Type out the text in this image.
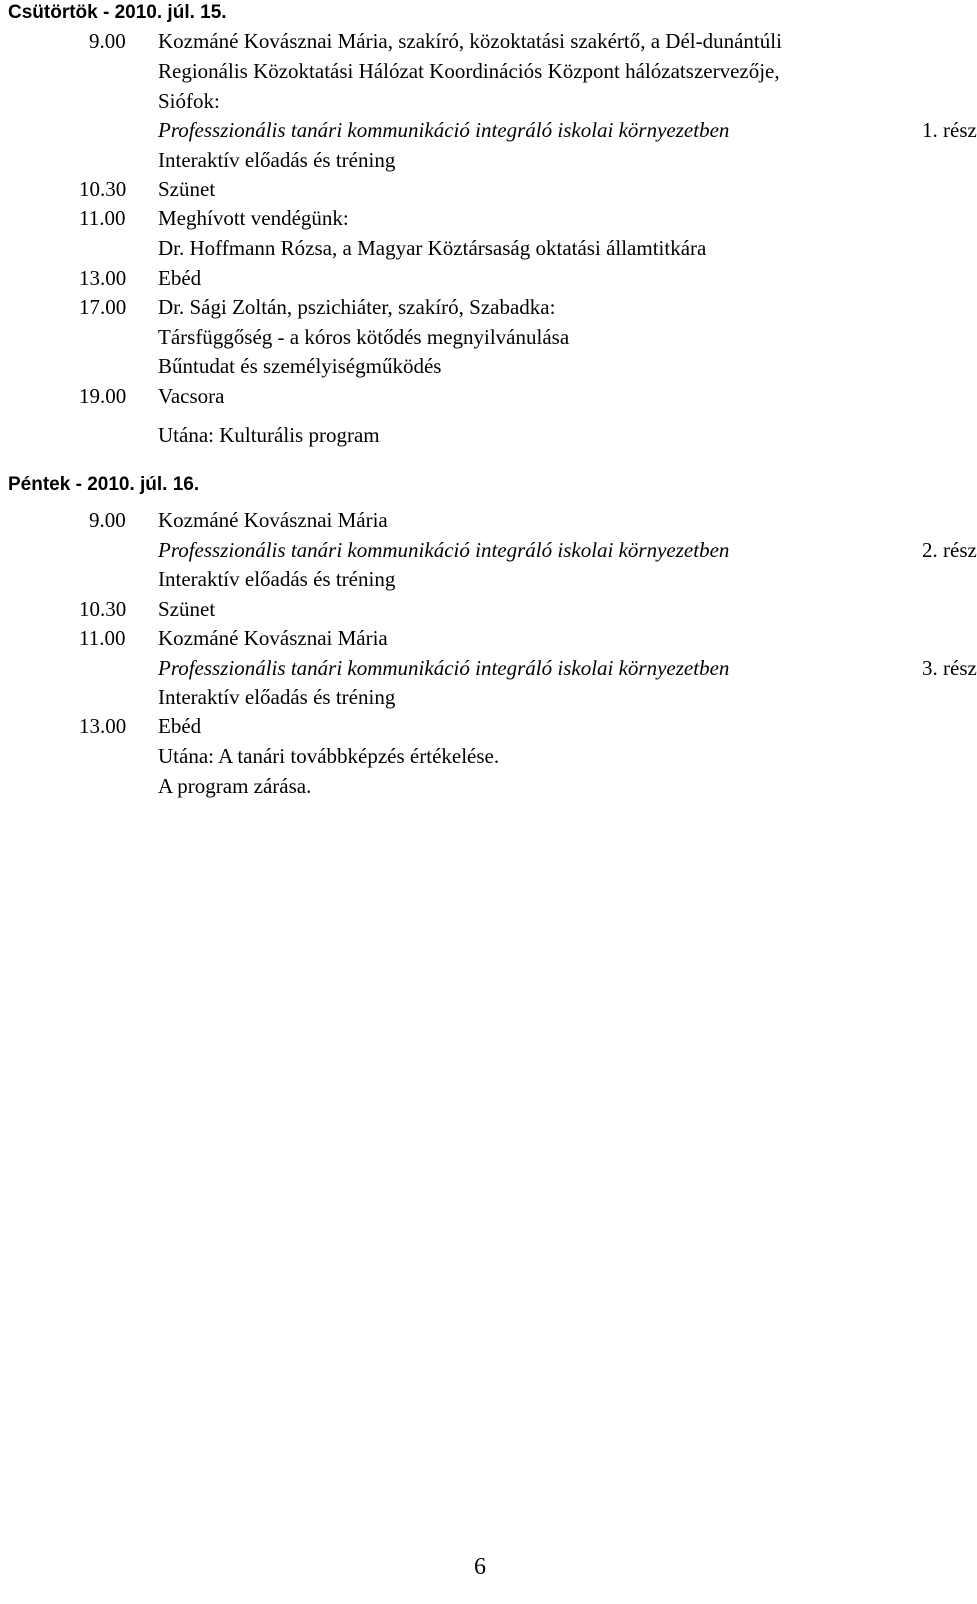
Csütörtök - 2010. júl. 15.
9.00 Kozmáné Kovásznai Mária, szakíró, közoktatási szakértő, a Dél-dunántúli
Regionális Közoktatási Hálózat Koordinációs Központ hálózatszervezője,
Siófok:
Professzionális tanári kommunikáció integráló iskolai környezetben	1. rész
Interaktív előadás és tréning
10.30 Szünet
11.00 Meghívott vendégünk:
Dr. Hoffmann Rózsa, a Magyar Köztársaság oktatási államtitkára
13.00 Ebéd
17.00 Dr. Sági Zoltán, pszichiáter, szakíró, Szabadka:
Társfüggőség - a kóros kötődés megnyilvánulása
Bűntudat és személyiségműködés
19.00 Vacsora
Utána: Kulturális program
Péntek - 2010. júl. 16.
9.00 Kozmáné Kovásznai Mária
Professzionális tanári kommunikáció integráló iskolai környezetben	2. rész
Interaktív előadás és tréning
10.30 Szünet
11.00 Kozmáné Kovásznai Mária
Professzionális tanári kommunikáció integráló iskolai környezetben	3. rész
Interaktív előadás és tréning
13.00 Ebéd
Utána: A tanári továbbképzés értékelése.
A program zárása.
6
